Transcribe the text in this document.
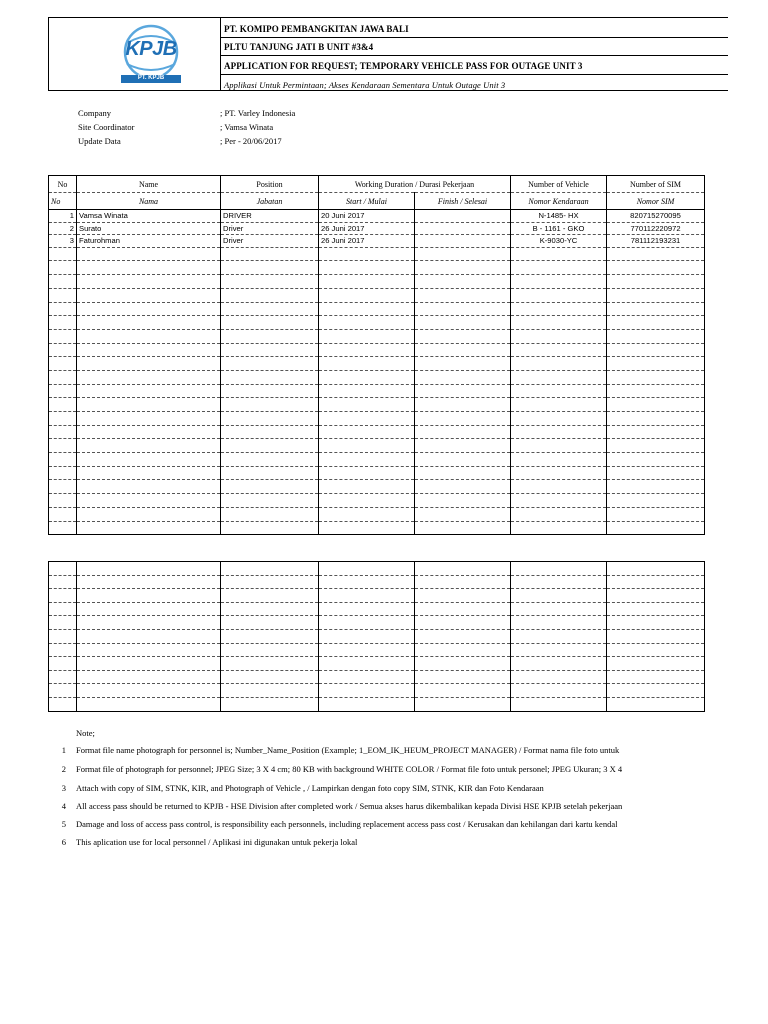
KPJB
PT. KPJB
PT. KOMIPO PEMBANGKITAN JAWA BALI
PLTU TANJUNG JATI B UNIT #3&4
APPLICATION FOR REQUEST; TEMPORARY VEHICLE PASS FOR OUTAGE UNIT 3
Applikasi Untuk Permintaan; Akses Kendaraan Sementara Untuk Outage Unit 3
Company	; PT. Varley Indonesia
Site Coordinator	; Vamsa Winata
Update Data	; Per - 20/06/2017
No	Name	Position	Working Duration / Durasi Pekerjaan		Number of Vehicle	Number of SIM
No	Nama	Jabatan	Start / Mulai	Finish / Selesai	Nomor Kendaraan	Nomor SIM
1	Vamsa Winata	DRIVER	20 Juni 2017		N-1485- HX	820715270095
2	Surato	Driver	26 Juni 2017		B - 1161 - GKO	770112220972
3	Faturohman	Driver	26 Juni 2017		K-9030-YC	781112193231

Note;
1 Format file name photograph for personnel is; Number_Name_Position (Example; 1_EOM_IK_HEUM_PROJECT MANAGER) / Format nama file foto untuk
2 Format file of photograph for personnel; JPEG Size; 3 X 4 cm; 80 KB with background WHITE COLOR / Format file foto untuk personel; JPEG Ukuran; 3 X 4
3 Attach with copy of SIM, STNK, KIR, and Photograph of Vehicle , / Lampirkan dengan foto copy SIM, STNK, KIR dan Foto Kendaraan
4 All access pass should be returned to KPJB - HSE Division after completed work / Semua akses harus dikembalikan kepada Divisi HSE KPJB setelah pekerjaan
5 Damage and loss of access pass control, is responsibility each personnels, including replacement access pass cost / Kerusakan dan kehilangan dari kartu kendal
6 This aplication use for local personnel / Aplikasi ini digunakan untuk pekerja lokal
